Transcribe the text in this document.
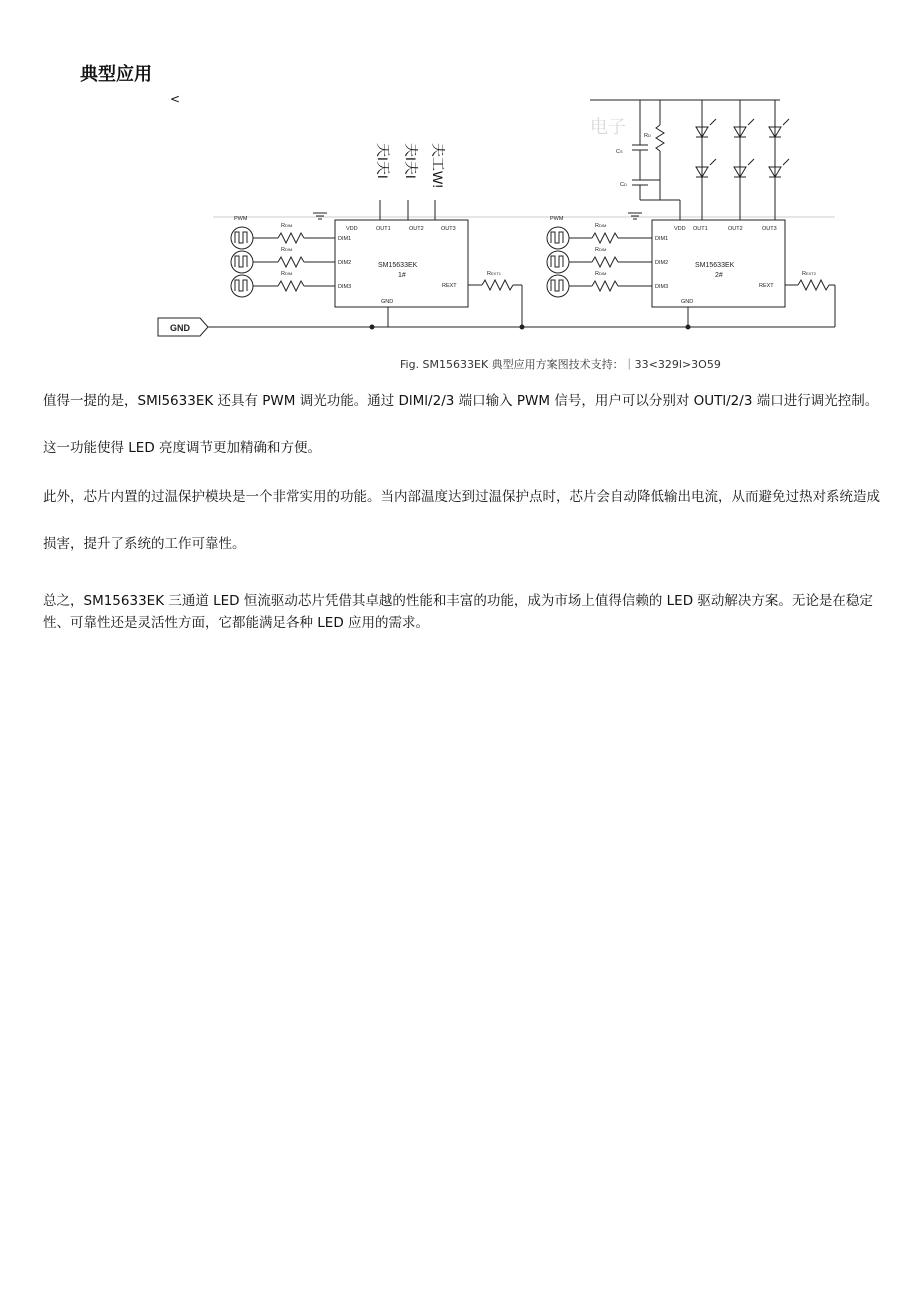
典型应用
<
GND
电子
天I天I 夫I夫I 夫工W!
PWM
RDIM
RDIM
RDIM
DIM1
DIM2
DIM3
VDD	OUT1	OUT2	OUT3
REXT
GND
REXT1
SM15633EK
1#
PWM
RDIM
RDIM
RDIM
DIM1
DIM2
DIM3
VDD OUT1	OUT2	OUT3
REXT
GND
REXT2
RD
CS
CD
SM15633EK
2#
Fig. SM15633EK 典型应用方案图技术支持：｜33<329l>3O59
值得一提的是，SMl5633EK 还具有 PWM 调光功能。通过 DlMl/2/3 端口输入 PWM 信号，用户可以分别对 OUTl/2/3 端口进行调光控制。这一功能使得 LED 亮度调节更加精确和方便。
此外，芯片内置的过温保护模块是一个非常实用的功能。当内部温度达到过温保护点时，芯片会自动降低输出电流，从而避免过热对系统造成损害，提升了系统的工作可靠性。
总之，SM15633EK 三通道 LED 恒流驱动芯片凭借其卓越的性能和丰富的功能，成为市场上值得信赖的 LED 驱动解决方案。无论是在稳定性、可靠性还是灵活性方面，它都能满足各种 LED 应用的需求。
